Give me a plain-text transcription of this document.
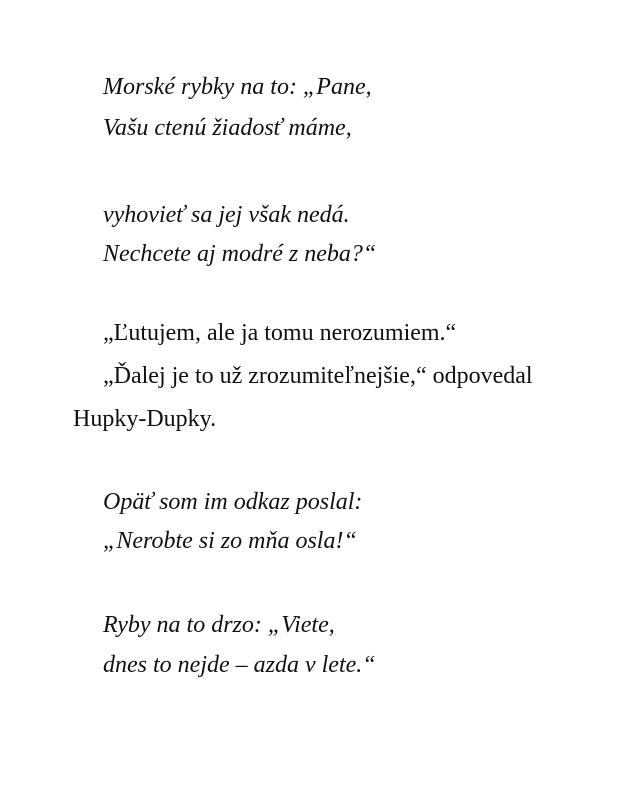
Morské rybky na to: „Pane,
Vašu ctenú žiadosť máme,
vyhovieť sa jej však nedá.
Nechcete aj modré z neba?“
„Ľutujem, ale ja tomu nerozumiem.“
„Ďalej je to už zrozumiteľnejšie,“ odpovedal
Hupky-Dupky.
Opäť som im odkaz poslal:
„Nerobte si zo mňa osla!“
Ryby na to drzo: „Viete,
dnes to nejde – azda v lete.“
